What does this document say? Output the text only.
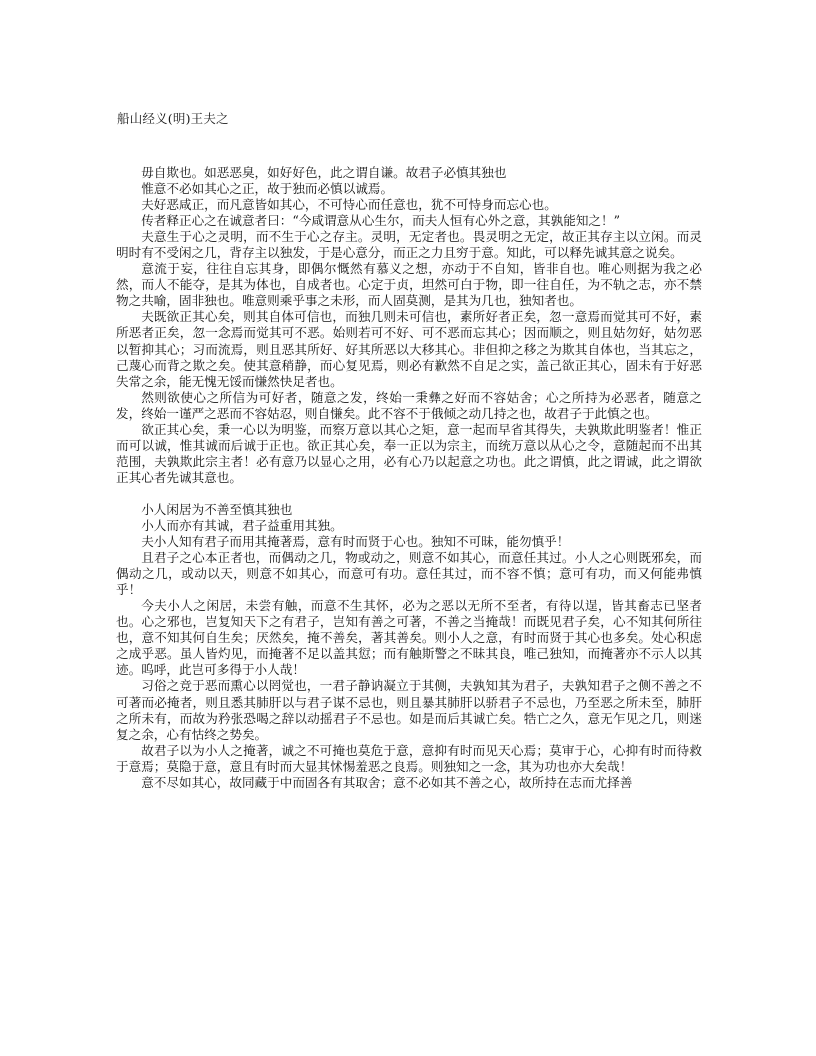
船山经义(明)王夫之

毋自欺也。如恶恶臭，如好好色，此之谓自谦。故君子必慎其独也

惟意不必如其心之正，故于独而必慎以诚焉。

夫好恶咸正，而凡意皆如其心，不可恃心而任意也，犹不可恃身而忘心也。

传者释正心之在诚意者曰：“今咸谓意从心生尔，而夫人恒有心外之意，其孰能知之！”

夫意生于心之灵明，而不生于心之存主。灵明，无定者也。畏灵明之无定，故正其存主以立闲。而灵明时有不受闲之几，背存主以独发，于是心意分，而正之力且穷于意。知此，可以释先诚其意之说矣。

意流于妄，往往自忘其身，即偶尔慨然有慕义之想，亦动于不自知，皆非自也。唯心则据为我之必然，而人不能夺，是其为体也，自成者也。心定于贞，坦然可白于物，即一往自任，为不轨之志，亦不禁物之共喻，固非独也。唯意则乘乎事之未形，而人固莫测，是其为几也，独知者也。

夫既欲正其心矣，则其自体可信也，而独几则未可信也，素所好者正矣，忽一意焉而觉其可不好，素所恶者正矣，忽一念焉而觉其可不恶。始则若可不好、可不恶而忘其心；因而顺之，则且姑勿好，姑勿恶以暂抑其心；习而流焉，则且恶其所好、好其所恶以大移其心。非但抑之移之为欺其自体也，当其忘之，己蔑心而背之欺之矣。使其意稍静，而心复见焉，则必有歉然不自足之实，盖己欲正其心，固未有于好恶失常之余，能无愧无馁而慊然快足者也。

然则欲使心之所信为可好者，随意之发，终始一秉彝之好而不容姑舍；心之所持为必恶者，随意之发，终始一谨严之恶而不容姑忍，则自慊矣。此不容不于俄倾之动几持之也，故君子于此慎之也。

欲正其心矣，秉一心以为明鉴，而察万意以其心之矩，意一起而早省其得失，夫孰欺此明鉴者！惟正而可以诚，惟其诚而后诚于正也。欲正其心矣，奉一正以为宗主，而统万意以从心之令，意随起而不出其范围，夫孰欺此宗主者！必有意乃以显心之用，必有心乃以起意之功也。此之谓慎，此之谓诚，此之谓欲正其心者先诚其意也。

小人闲居为不善至慎其独也

小人而亦有其诚，君子益重用其独。

夫小人知有君子而用其掩著焉，意有时而贤于心也。独知不可昧，能勿慎乎！

且君子之心本正者也，而偶动之几，物或动之，则意不如其心，而意任其过。小人之心则既邪矣，而偶动之几，或动以天，则意不如其心，而意可有功。意任其过，而不容不慎；意可有功，而又何能弗慎乎！

今夫小人之闲居，未尝有触，而意不生其怀，必为之恶以无所不至者，有待以逞，皆其畜志已坚者也。心之邪也，岂复知天下之有君子，岂知有善之可著，不善之当掩哉！而既见君子矣，心不知其何所往也，意不知其何自生矣；厌然矣，掩不善矣，著其善矣。则小人之意，有时而贤于其心也多矣。处心积虑之成乎恶。虽人皆灼见，而掩著不足以盖其愆；而有触斯警之不昧其良，唯己独知，而掩著亦不示人以其迹。呜呼，此岂可多得于小人哉！

习俗之竞于恶而熏心以罔觉也，一君子静讷凝立于其侧，夫孰知其为君子，夫孰知君子之侧不善之不可著而必掩者，则且悉其肺肝以与君子谋不忌也，则且暴其肺肝以骄君子不忌也，乃至恶之所未至，肺肝之所未有，而故为矜张恐喝之辞以动摇君子不忌也。如是而后其诚亡矣。牿亡之久，意无乍见之几，则迷复之余，心有怙终之势矣。

故君子以为小人之掩著，诚之不可掩也莫危于意，意抑有时而见天心焉；莫审于心，心抑有时而待救于意焉；莫隐于意，意且有时而大显其怵惕羞恶之良焉。则独知之一念，其为功也亦大矣哉！

意不尽如其心，故同藏于中而固各有其取舍；意不必如其不善之心，故所持在志而尤择善
